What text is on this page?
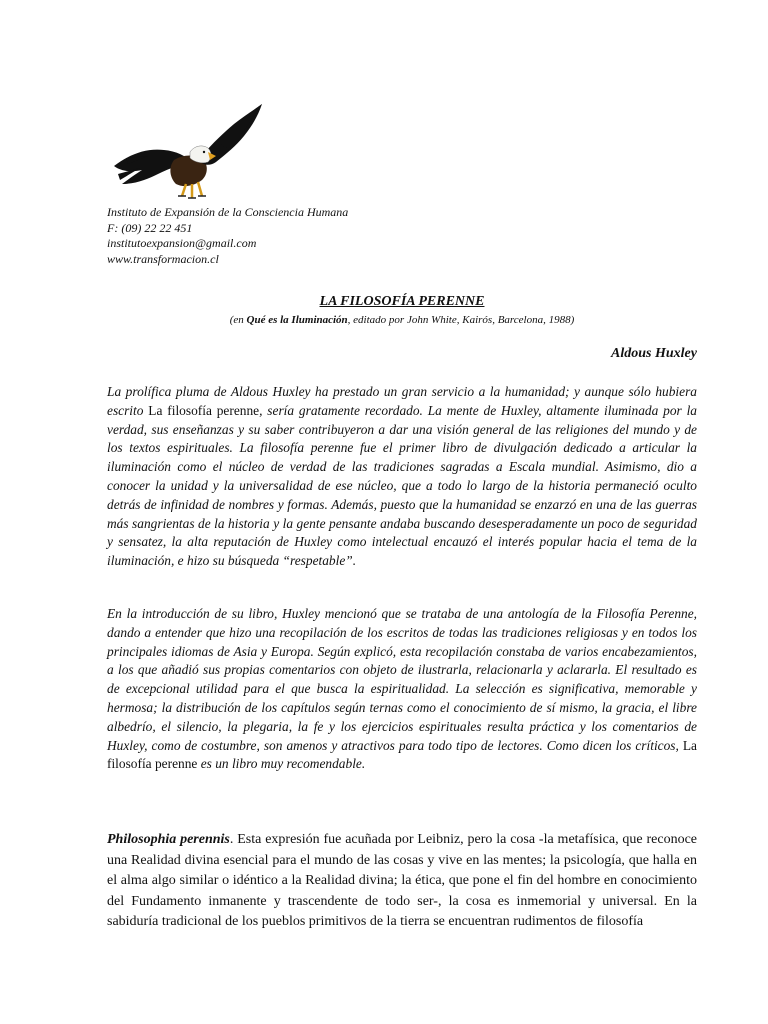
Instituto de Expansión de la Consciencia Humana
F: (09) 22 22 451
institutoexpansion@gmail.com
www.transformacion.cl
LA FILOSOFÍA PERENNE
(en Qué es la Iluminación, editado por John White, Kairós, Barcelona, 1988)
Aldous Huxley
La prolífica pluma de Aldous Huxley ha prestado un gran servicio a la humanidad; y aunque sólo hubiera escrito La filosofía perenne, sería gratamente recordado. La mente de Huxley, altamente iluminada por la verdad, sus enseñanzas y su saber contribuyeron a dar una visión general de las religiones del mundo y de los textos espirituales. La filosofía perenne fue el primer libro de divulgación dedicado a articular la iluminación como el núcleo de verdad de las tradiciones sagradas a Escala mundial. Asimismo, dio a conocer la unidad y la universalidad de ese núcleo, que a todo lo largo de la historia permaneció oculto detrás de infinidad de nombres y formas. Además, puesto que la humanidad se enzarzó en una de las guerras más sangrientas de la historia y la gente pensante andaba buscando desesperadamente un poco de seguridad y sensatez, la alta reputación de Huxley como intelectual encauzó el interés popular hacia el tema de la iluminación, e hizo su búsqueda “respetable”.
En la introducción de su libro, Huxley mencionó que se trataba de una antología de la Filosofía Perenne, dando a entender que hizo una recopilación de los escritos de todas las tradiciones religiosas y en todos los principales idiomas de Asia y Europa. Según explicó, esta recopilación constaba de varios encabezamientos, a los que añadió sus propias comentarios con objeto de ilustrarla, relacionarla y aclararla. El resultado es de excepcional utilidad para el que busca la espiritualidad. La selección es significativa, memorable y hermosa; la distribución de los capítulos según ternas como el conocimiento de sí mismo, la gracia, el libre albedrío, el silencio, la plegaria, la fe y los ejercicios espirituales resulta práctica y los comentarios de Huxley, como de costumbre, son amenos y atractivos para todo tipo de lectores. Como dicen los críticos, La filosofía perenne es un libro muy recomendable.
Philosophia perennis. Esta expresión fue acuñada por Leibniz, pero la cosa -la metafísica, que reconoce una Realidad divina esencial para el mundo de las cosas y vive en las mentes; la psicología, que halla en el alma algo similar o idéntico a la Realidad divina; la ética, que pone el fin del hombre en conocimiento del Fundamento inmanente y trascendente de todo ser-, la cosa es inmemorial y universal. En la sabiduría tradicional de los pueblos primitivos de la tierra se encuentran rudimentos de filosofía
